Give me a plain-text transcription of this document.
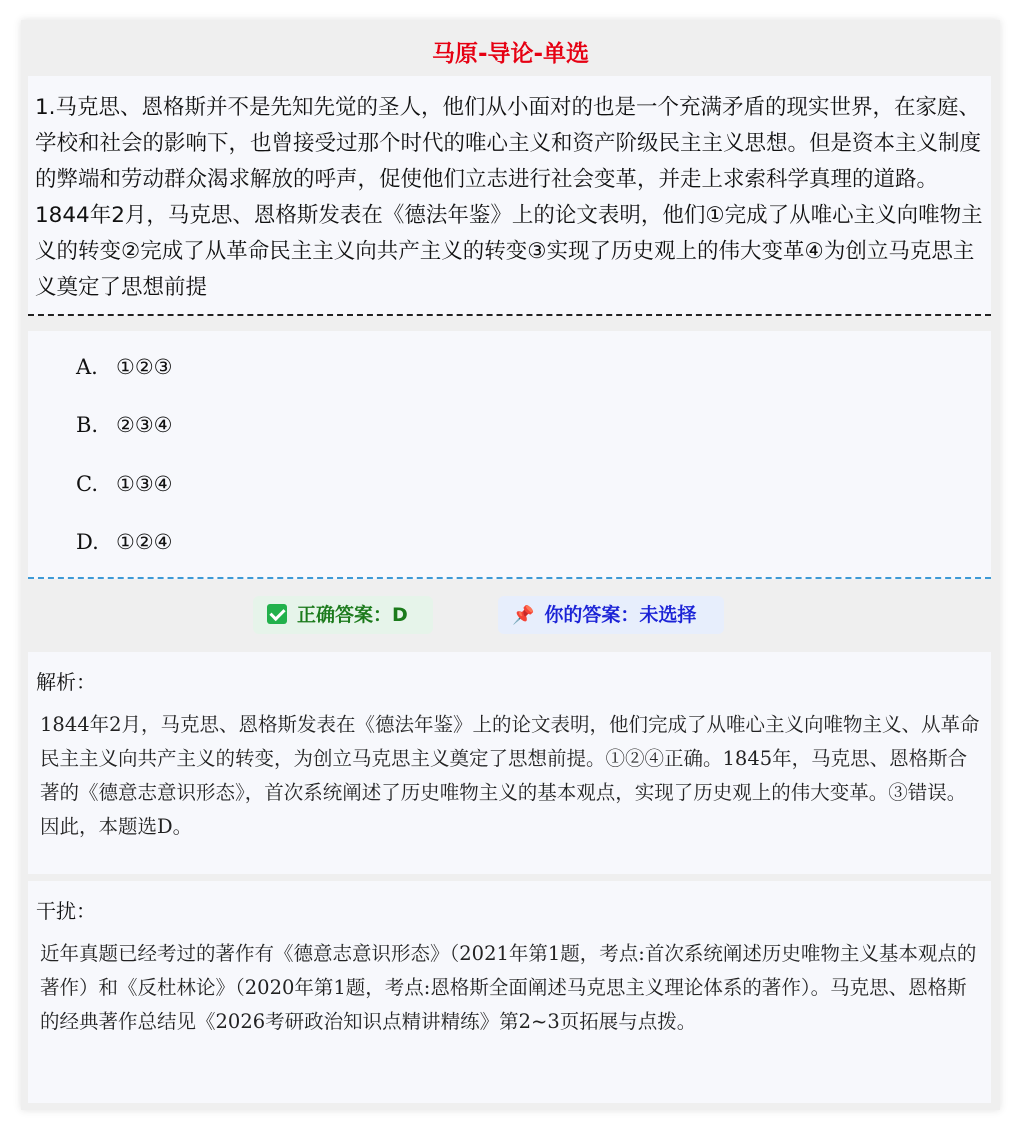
马原-导论-单选
1.马克思、恩格斯并不是先知先觉的圣人，他们从小面对的也是一个充满矛盾的现实世界，在家庭、学校和社会的影响下，也曾接受过那个时代的唯心主义和资产阶级民主主义思想。但是资本主义制度的弊端和劳动群众渴求解放的呼声，促使他们立志进行社会变革，并走上求索科学真理的道路。1844年2月，马克思、恩格斯发表在《德法年鉴》上的论文表明，他们①完成了从唯心主义向唯物主义的转变②完成了从革命民主主义向共产主义的转变③实现了历史观上的伟大变革④为创立马克思主义奠定了思想前提
A. ①②③
B. ②③④
C. ①③④
D. ①②④
正确答案：D	📌 你的答案：未选择
解析：
1844年2月，马克思、恩格斯发表在《德法年鉴》上的论文表明，他们完成了从唯心主义向唯物主义、从革命民主主义向共产主义的转变，为创立马克思主义奠定了思想前提。①②④正确。1845年，马克思、恩格斯合著的《德意志意识形态》，首次系统阐述了历史唯物主义的基本观点，实现了历史观上的伟大变革。③错误。因此，本题选D。
干扰：
近年真题已经考过的著作有《德意志意识形态》（2021年第1题，考点:首次系统阐述历史唯物主义基本观点的著作）和《反杜林论》（2020年第1题，考点:恩格斯全面阐述马克思主义理论体系的著作）。马克思、恩格斯的经典著作总结见《2026考研政治知识点精讲精练》第2~3页拓展与点拨。
